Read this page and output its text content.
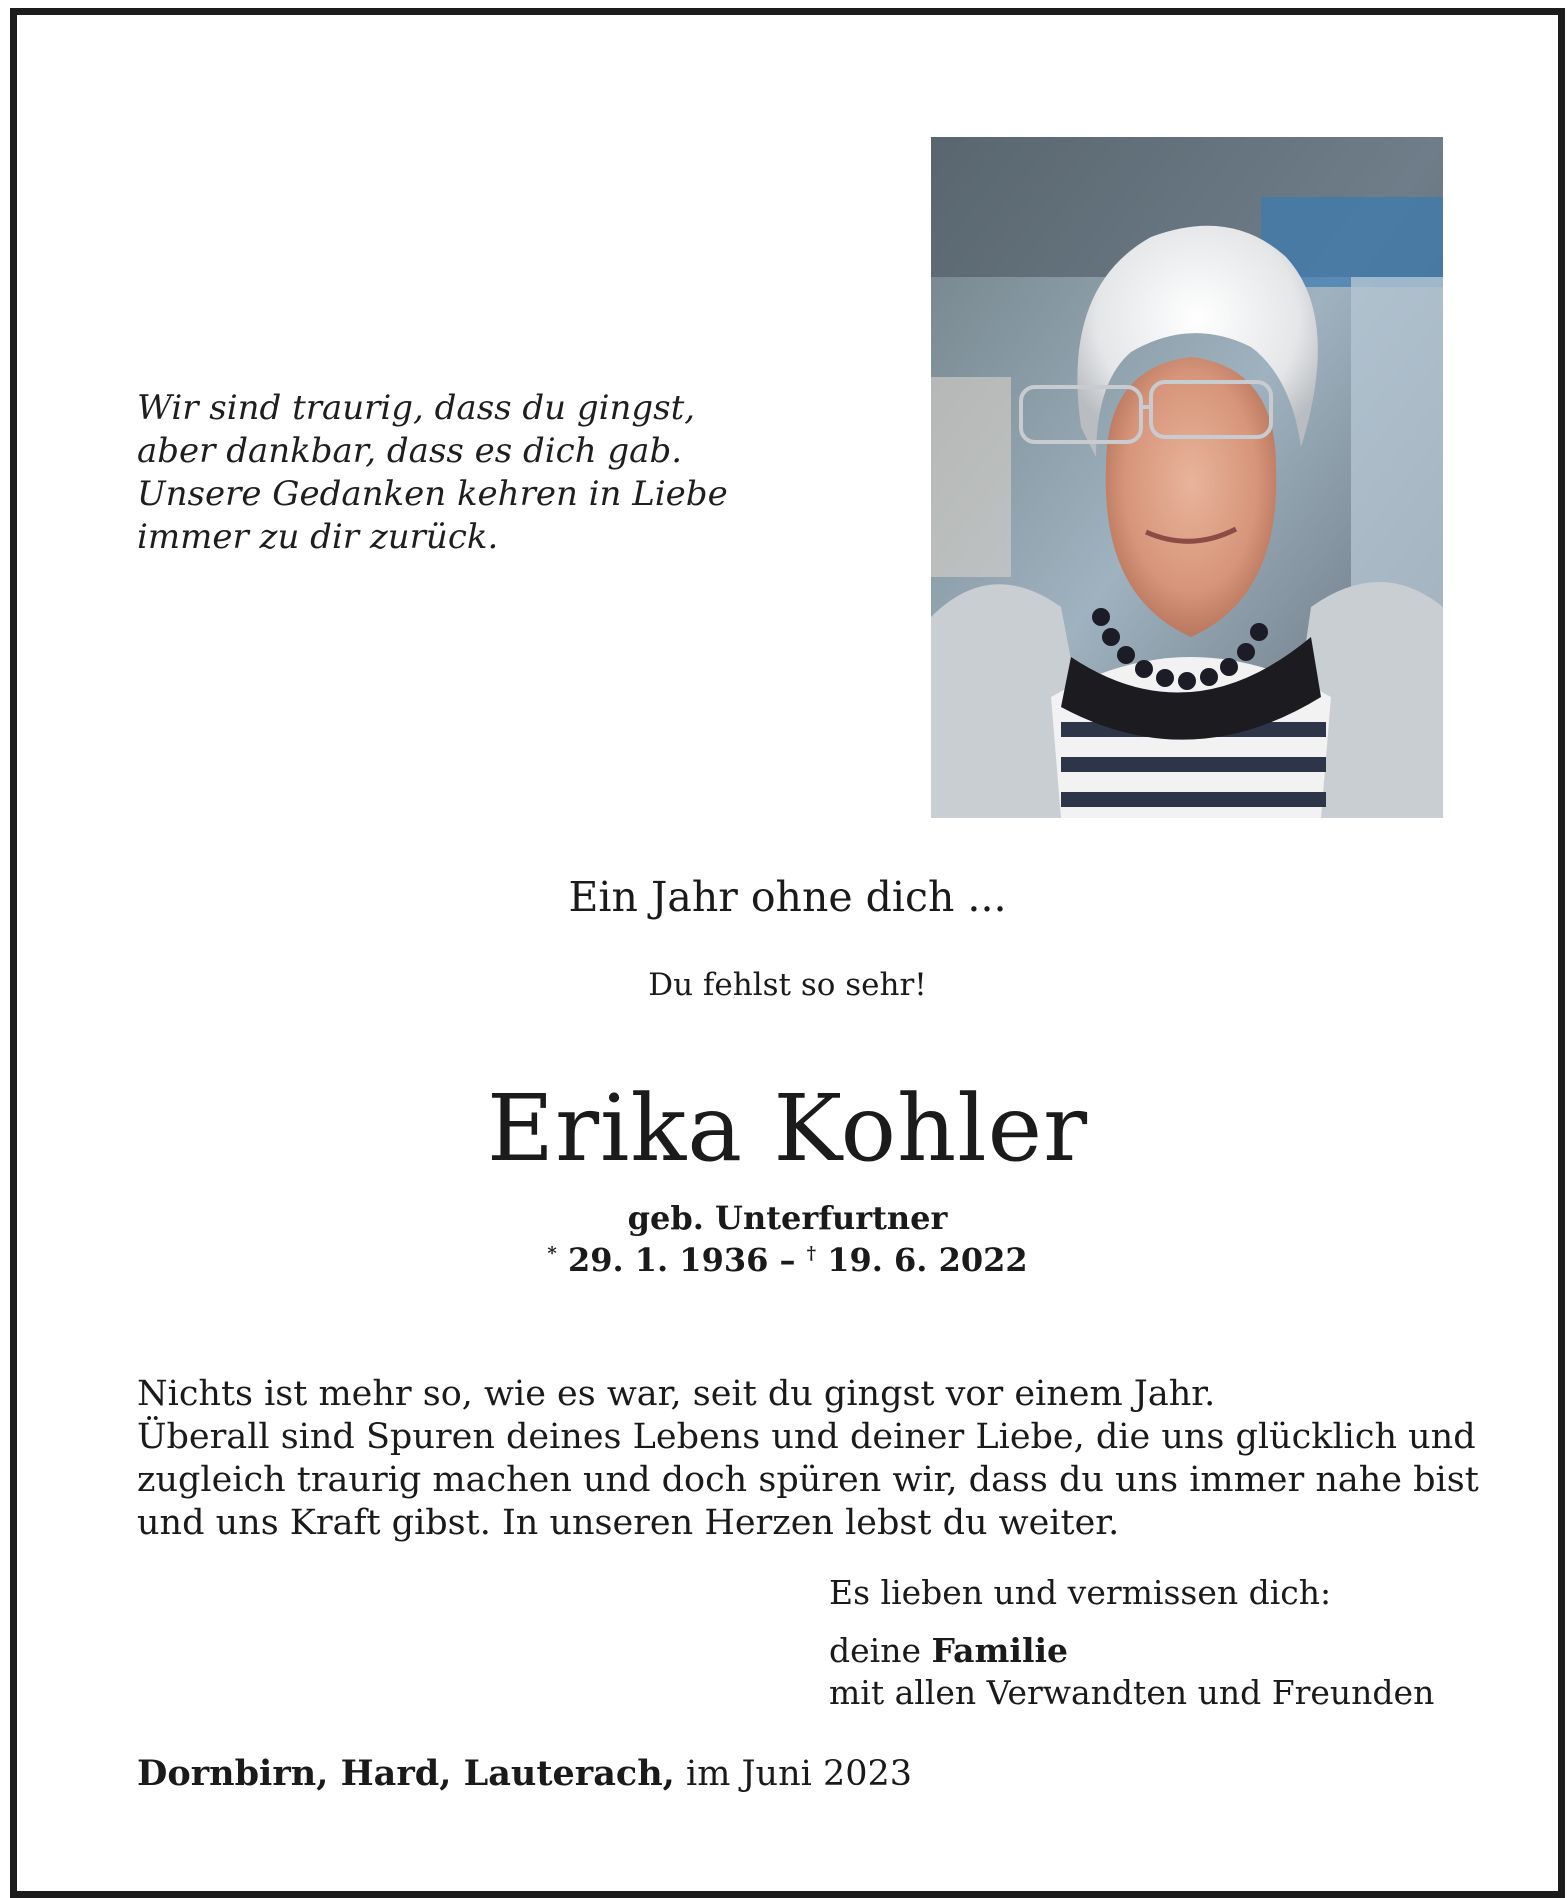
Wir sind traurig, dass du gingst,
aber dankbar, dass es dich gab.
Unsere Gedanken kehren in Liebe
immer zu dir zurück.
Ein Jahr ohne dich ...
Du fehlst so sehr!
Erika Kohler
geb. Unterfurtner
* 29. 1. 1936 – † 19. 6. 2022
Nichts ist mehr so, wie es war, seit du gingst vor einem Jahr.
Überall sind Spuren deines Lebens und deiner Liebe, die uns glücklich und
zugleich traurig machen und doch spüren wir, dass du uns immer nahe bist
und uns Kraft gibst. In unseren Herzen lebst du weiter.
Es lieben und vermissen dich:
deine Familie
mit allen Verwandten und Freunden
Dornbirn, Hard, Lauterach, im Juni 2023
